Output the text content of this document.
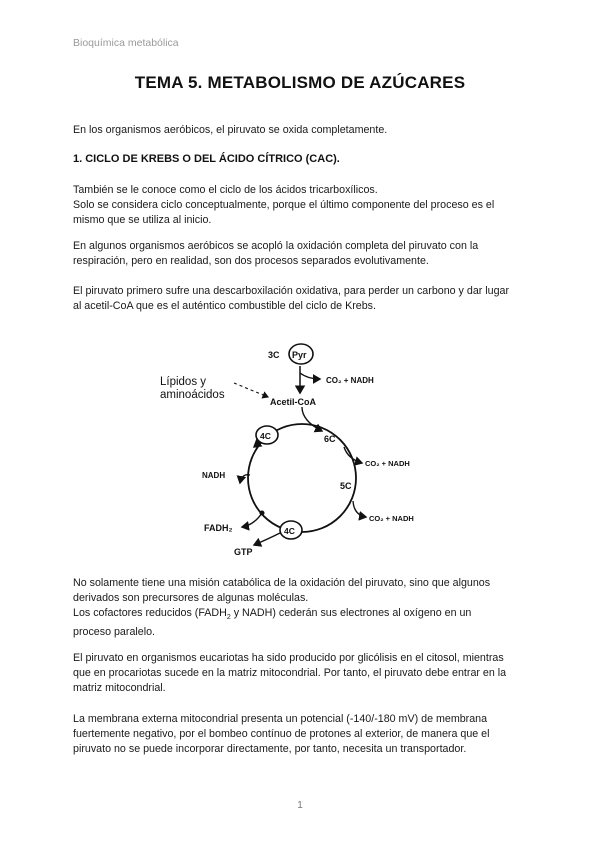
Bioquímica metabólica
TEMA 5. METABOLISMO DE AZÚCARES
En los organismos aeróbicos, el piruvato se oxida completamente.
1. CICLO DE KREBS O DEL ÁCIDO CÍTRICO (CAC).
También se le conoce como el ciclo de los ácidos tricarboxílicos.
Solo se considera ciclo conceptualmente, porque el último componente del proceso es el
mismo que se utiliza al inicio.
En algunos organismos aeróbicos se acopló la oxidación completa del piruvato con la
respiración, pero en realidad, son dos procesos separados evolutivamente.
El piruvato primero sufre una descarboxilación oxidativa, para perder un carbono y dar lugar
al acetil-CoA que es el auténtico combustible del ciclo de Krebs.
3C Pyr
CO₂ + NADH
Lípidos y
aminoácidos
Acetil-CoA
6C
CO₂ + NADH
5C
CO₂ + NADH
4C
4C
NADH
FADH₂
GTP
No solamente tiene una misión catabólica de la oxidación del piruvato, sino que algunos
derivados son precursores de algunas moléculas.
Los cofactores reducidos ($FADH_2$ y NADH) cederán sus electrones al oxígeno en un
proceso paralelo.
El piruvato en organismos eucariotas ha sido producido por glicólisis en el citosol, mientras
que en procariotas sucede en la matriz mitocondrial. Por tanto, el piruvato debe entrar en la
matriz mitocondrial.
La membrana externa mitocondrial presenta un potencial (-140/-180 mV) de membrana
fuertemente negativo, por el bombeo contínuo de protones al exterior, de manera que el
piruvato no se puede incorporar directamente, por tanto, necesita un transportador.
1
